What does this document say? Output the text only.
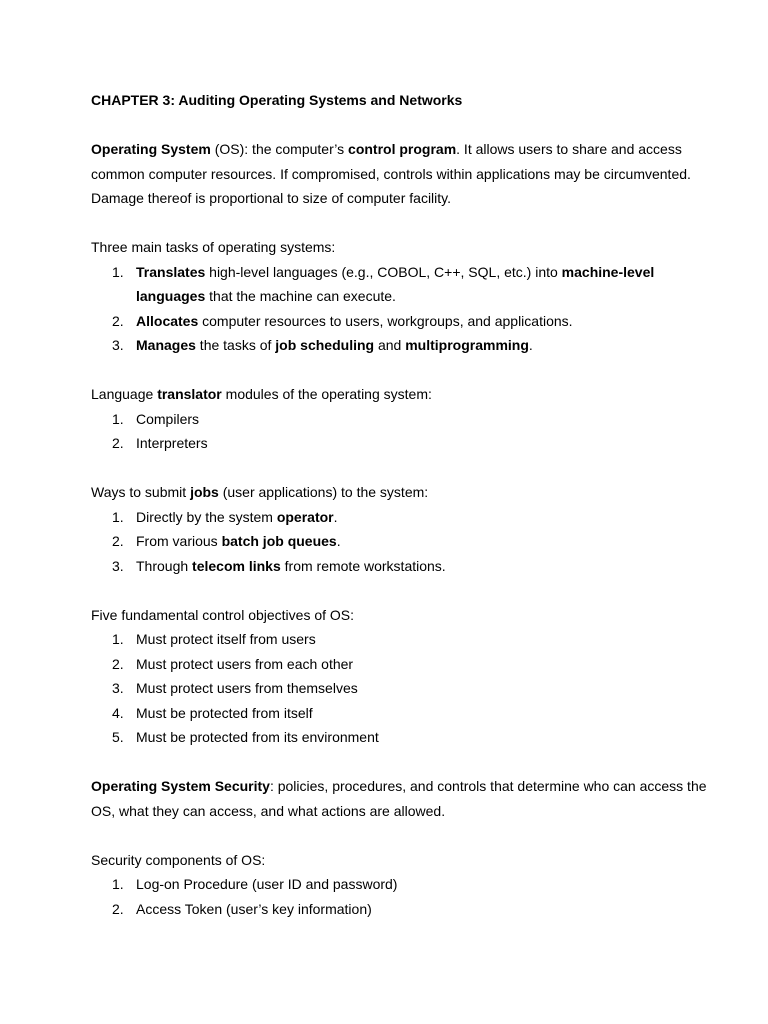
CHAPTER 3: Auditing Operating Systems and Networks

Operating System (OS): the computer’s control program. It allows users to share and access common computer resources. If compromised, controls within applications may be circumvented. Damage thereof is proportional to size of computer facility.

Three main tasks of operating systems:

1. Translates high-level languages (e.g., COBOL, C++, SQL, etc.) into machine-level languages that the machine can execute.
2. Allocates computer resources to users, workgroups, and applications.
3. Manages the tasks of job scheduling and multiprogramming.

Language translator modules of the operating system:

1. Compilers
2. Interpreters

Ways to submit jobs (user applications) to the system:

1. Directly by the system operator.
2. From various batch job queues.
3. Through telecom links from remote workstations.

Five fundamental control objectives of OS:

1. Must protect itself from users
2. Must protect users from each other
3. Must protect users from themselves
4. Must be protected from itself
5. Must be protected from its environment

Operating System Security: policies, procedures, and controls that determine who can access the OS, what they can access, and what actions are allowed.

Security components of OS:

1. Log-on Procedure (user ID and password)
2. Access Token (user’s key information)
